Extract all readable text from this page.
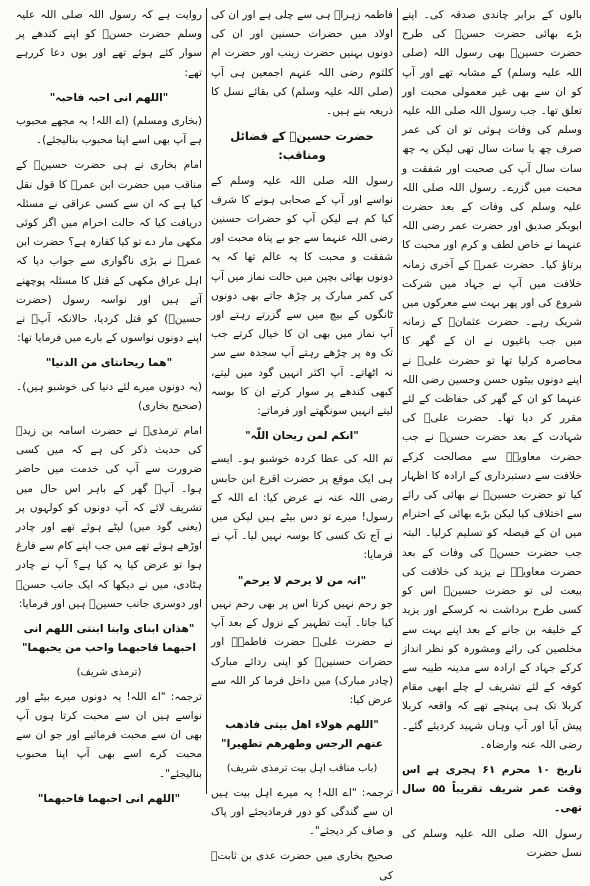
بالوں کے برابر چاندی صدقہ کی۔ اپنے بڑے بھائی حضرت حسنؓ کی طرح حضرت حسینؓ بھی رسول اللہ (صلی اللہ علیہ وسلم) کے مشابہ تھے اور آپ کو ان سے بھی غیر معمولی محبت اور تعلق تھا۔ جب رسول اللہ صلی اللہ علیہ وسلم کی وفات ہوئی تو ان کی عمر صرف چھ یا سات سال تھی لیکن یہ چھ سات سال آپ کی صحبت اور شفقت و محبت میں گزرے۔ رسول اللہ صلی اللہ علیہ وسلم کی وفات کے بعد حضرت ابوبکر صدیق اور حضرت عمر رضی اللہ عنہما نے خاص لطف و کرم اور محبت کا برتاؤ کیا۔ حضرت عمرؓ کے آخری زمانہ خلافت میں آپ نے جہاد میں شرکت شروع کی اور پھر بہت سے معرکوں میں شریک رہے۔ حضرت عثمانؓ کے زمانہ میں جب باغیوں نے ان کے گھر کا محاصرہ کرلیا تھا تو حضرت علیؓ نے اپنے دونوں بیٹوں حسن وحسین رضی اللہ عنہما کو ان کے گھر کی حفاظت کے لئے مقرر کر دیا تھا۔ حضرت علیؓ کی شہادت کے بعد حضرت حسنؓ نے جب حضرت معاویہؓ سے مصالحت کرکے خلافت سے دستبرداری کے ارادہ کا اظہار کیا تو حضرت حسینؓ نے بھائی کی رائے سے اختلاف کیا لیکن بڑے بھائی کے احترام میں ان کے فیصلہ کو تسلیم کرلیا۔ البتہ جب حضرت حسنؓ کی وفات کے بعد حضرت معاویہؓ نے یزید کی خلافت کی بیعت لی تو حضرت حسینؓ اس کو کسی طرح برداشت نہ کرسکے اور یزید کے خلیفہ بن جانے کے بعد اپنے بہت سے مخلصین کی رائے ومشورہ کو نظر انداز کرکے جہاد کے ارادہ سے مدینہ طیبہ سے کوفہ کے لئے تشریف لے چلے ابھی مقام کربلا تک ہی پہنچے تھے کہ واقعہ کربلا پیش آیا اور آپ وہاں شہید کردیئے گئے۔ رضی اللہ عنہ وارضاہ۔

تاریخ ۱۰ محرم ۶۱ ہجری ہے اس وقت عمر شریف تقریباً ۵۵ سال تھی۔

رسول اللہ صلی اللہ علیہ وسلم کی نسل حضرت

فاطمہ زہراؓ ہی سے چلی ہے اور ان کی اولاد میں حضرات حسنین اور ان کی دونوں بہنیں حضرت زینب اور حضرت ام کلثوم رضی اللہ عنہم اجمعین ہی آپ (صلی اللہ علیہ وسلم) کی بقائے نسل کا ذریعہ بنے ہیں۔

حضرت حسینؓ کے فضائل ومناقب:

رسول اللہ صلی اللہ علیہ وسلم کے نواسے اور آپ کے صحابی ہونے کا شرف کیا کم ہے لیکن آپ کو حضرات حسنین رضی اللہ عنہما سے جو بے پناہ محبت اور شفقت و محبت کا یہ عالم تھا کہ یہ دونوں بھائی بچپن میں حالت نماز میں آپ کی کمر مبارک پر چڑھ جاتے بھی دونوں ٹانگوں کے بیچ میں سے گزرتے رہتے اور آپ نماز میں بھی ان کا خیال کرتے جب تک وہ پر چڑھے رہتے آپ سجدہ سے سر نہ اٹھاتے۔ آپ اکثر انہیں گود میں لیتے، کبھی کندھے پر سوار کرتے ان کا بوسہ لیتے انہیں سونگھتے اور فرماتے:

"انکم لمن ریحان اللّٰہ"

تم اللہ کی عطا کردہ خوشبو ہو۔ ایسے ہی ایک موقع پر حضرت اقرع ابن حابس رضی اللہ عنہ نے عرض کیا: اے اللہ کے رسول! میرے تو دس بیٹے ہیں لیکن میں نے آج تک کسی کا بوسہ نہیں لیا۔ آپ نے فرمایا:

"انہ من لا یرحم لا یرحم"

جو رحم نہیں کرتا اس پر بھی رحم نہیں کیا جاتا۔ آیت تطہیر کے نزول کے بعد آپ نے حضرت علیؓ حضرت فاطمہؓ اور حضرات حسنینؓ کو اپنی ردائے مبارک (چادر مبارک) میں داخل فرما کر اللہ سے عرض کیا:

"اللھم ھولاء اھل بیتی فاذھب عنھم الرجس وطھرھم تطھیرا"
(باب مناقب اہل بیت ترمذی شریف)

ترجمہ: "اے اللہ! یہ میرے اہل بیت ہیں ان سے گندگی کو دور فرمادیجئے اور پاک و صاف کر دیجئے"۔

صحیح بخاری میں حضرت عدی بن ثابتؓ کی

روایت ہے کہ رسول اللہ صلی اللہ علیہ وسلم حضرت حسنؓ کو اپنے کندھے پر سوار کئے ہوئے تھے اور یوں دعا کررہے تھے:

"اللھم انی احبہ فاحبہ"

(بخاری ومسلم) (اے اللہ! یہ مجھے محبوب ہے آپ بھی اسے اپنا محبوب بنالیجئے)۔

امام بخاری نے ہی حضرت حسینؓ کے مناقب میں حضرت ابن عمرؓ کا قول نقل کیا ہے کہ ان سے کسی عراقی نے مسئلہ دریافت کیا کہ حالت احرام میں اگر کوئی مکھی مار دے تو کیا کفارہ ہے؟ حضرت ابن عمرؓ نے بڑی ناگواری سے جواب دیا کہ اہل عراق مکھی کے قتل کا مسئلہ پوچھنے آتے ہیں اور نواسہ رسول (حضرت حسینؓ) کو قتل کردیا، حالانکہ آپؐ نے اپنے دونوں نواسوں کے بارے میں فرمایا تھا:

"ھما ریحانتای من الدنیا"

(یہ دونوں میرے لئے دنیا کی خوشبو ہیں)۔ (صحیح بخاری)

امام ترمذیؒ نے حضرت اسامہ بن زیدؓ کی حدیث ذکر کی ہے کہ میں کسی ضرورت سے آپ کی خدمت میں حاضر ہوا۔ آپؐ گھر کے باہر اس حال میں تشریف لائے کہ آپ دونوں کو کولہوں پر (یعنی گود میں) لپٹے ہوئے تھے اور چادر اوڑھے ہوئے تھے میں جب اپنے کام سے فارغ ہوا تو عرض کیا یہ کیا ہے؟ آپ نے چادر ہٹادی، میں نے دیکھا کہ ایک جانب حسنؓ اور دوسری جانب حسینؓ ہیں اور فرمایا:

"ھذان ابنای وابنا ابنتی اللھم انی احبھما فاحبھما واحب من یحبھما"
(ترمذی شریف)

ترجمہ: "اے اللہ! یہ دونوں میرے بیٹے اور نواسے ہیں ان سے محبت کرتا ہوں آپ بھی ان سے محبت فرمائیے اور جو ان سے محبت کرے اسے بھی آپ اپنا محبوب بنالیجئے"۔

"اللھم انی احبھما فاحبھما"
